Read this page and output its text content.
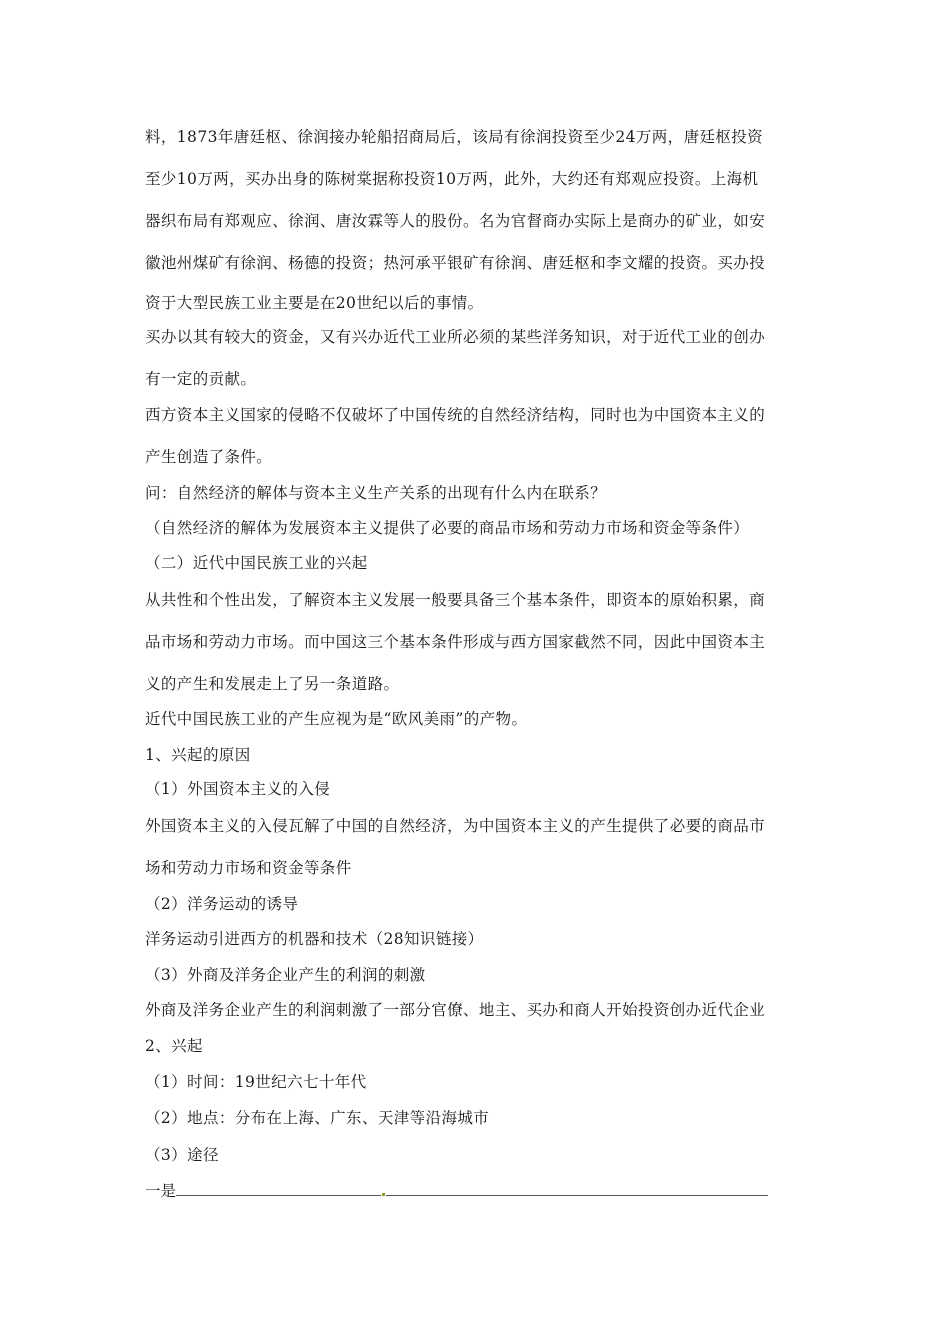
料，1873年唐廷枢、徐润接办轮船招商局后，该局有徐润投资至少24万两，唐廷枢投资
至少10万两，买办出身的陈树棠据称投资10万两，此外，大约还有郑观应投资。上海机
器织布局有郑观应、徐润、唐汝霖等人的股份。名为官督商办实际上是商办的矿业，如安
徽池州煤矿有徐润、杨德的投资；热河承平银矿有徐润、唐廷枢和李文耀的投资。买办投
资于大型民族工业主要是在20世纪以后的事情。
买办以其有较大的资金，又有兴办近代工业所必须的某些洋务知识，对于近代工业的创办
有一定的贡献。
西方资本主义国家的侵略不仅破坏了中国传统的自然经济结构，同时也为中国资本主义的
产生创造了条件。
问：自然经济的解体与资本主义生产关系的出现有什么内在联系？
（自然经济的解体为发展资本主义提供了必要的商品市场和劳动力市场和资金等条件）
（二）近代中国民族工业的兴起
从共性和个性出发，了解资本主义发展一般要具备三个基本条件，即资本的原始积累，商
品市场和劳动力市场。而中国这三个基本条件形成与西方国家截然不同，因此中国资本主
义的产生和发展走上了另一条道路。
近代中国民族工业的产生应视为是“欧风美雨”的产物。
1、兴起的原因
（1）外国资本主义的入侵
外国资本主义的入侵瓦解了中国的自然经济，为中国资本主义的产生提供了必要的商品市
场和劳动力市场和资金等条件
（2）洋务运动的诱导
洋务运动引进西方的机器和技术（28知识链接）
（3）外商及洋务企业产生的利润的刺激
外商及洋务企业产生的利润刺激了一部分官僚、地主、买办和商人开始投资创办近代企业
2、兴起
（1）时间：19世纪六七十年代
（2）地点：分布在上海、广东、天津等沿海城市
（3）途径
一是
